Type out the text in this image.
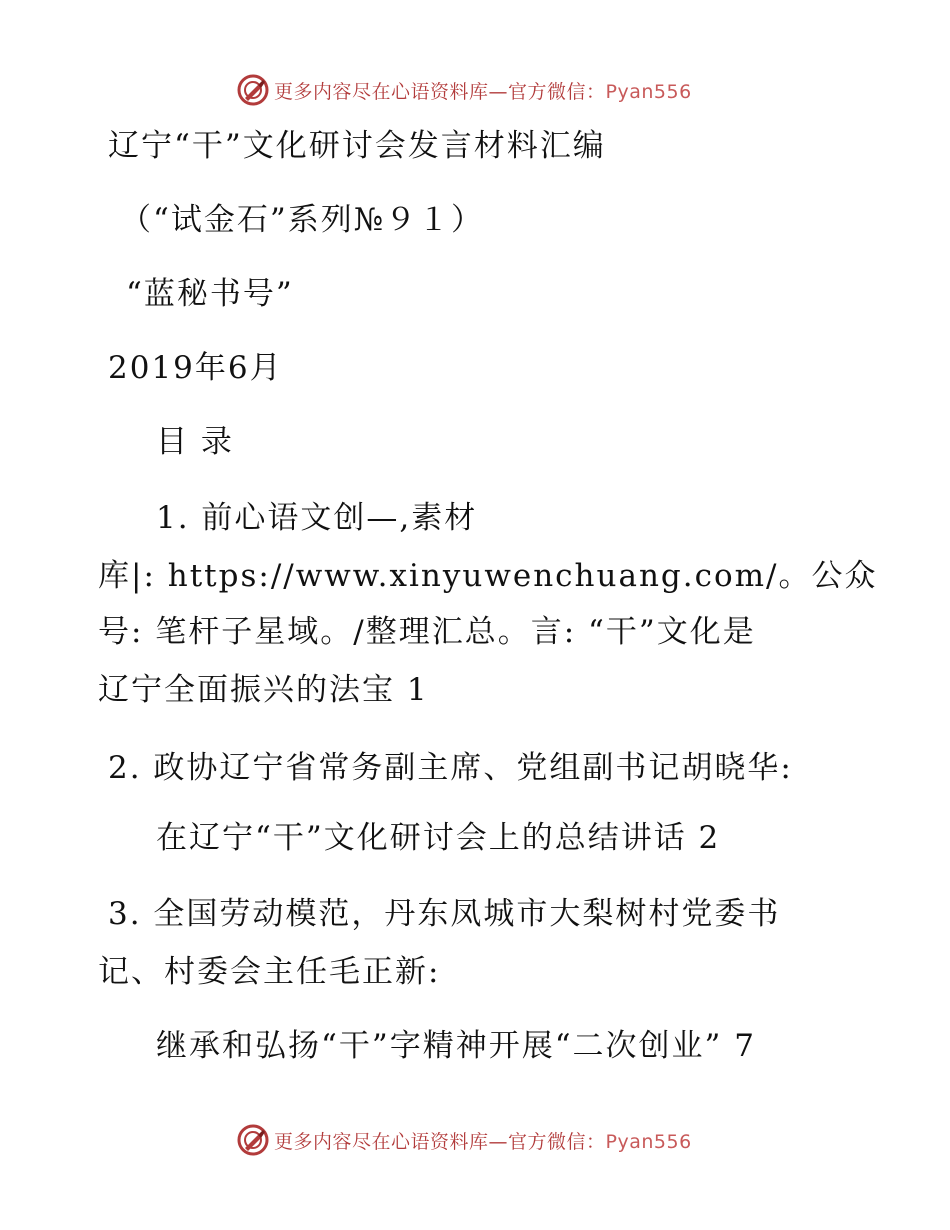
更多内容尽在心语资料库—官方微信：Pyan556
辽宁“干”文化研讨会发言材料汇编
（“试金石”系列№９１）
“蓝秘书号”
2019年6月
目 录
1. 前心语文创—,素材
库|: https://www.xinyuwenchuang.com/。公众
号: 笔杆子星域。/整理汇总。言: “干”文化是
辽宁全面振兴的法宝 1
2. 政协辽宁省常务副主席、党组副书记胡晓华:
在辽宁“干”文化研讨会上的总结讲话 2
3. 全国劳动模范，丹东凤城市大梨树村党委书
记、村委会主任毛正新:
继承和弘扬“干”字精神开展“二次创业” 7
更多内容尽在心语资料库—官方微信：Pyan556
